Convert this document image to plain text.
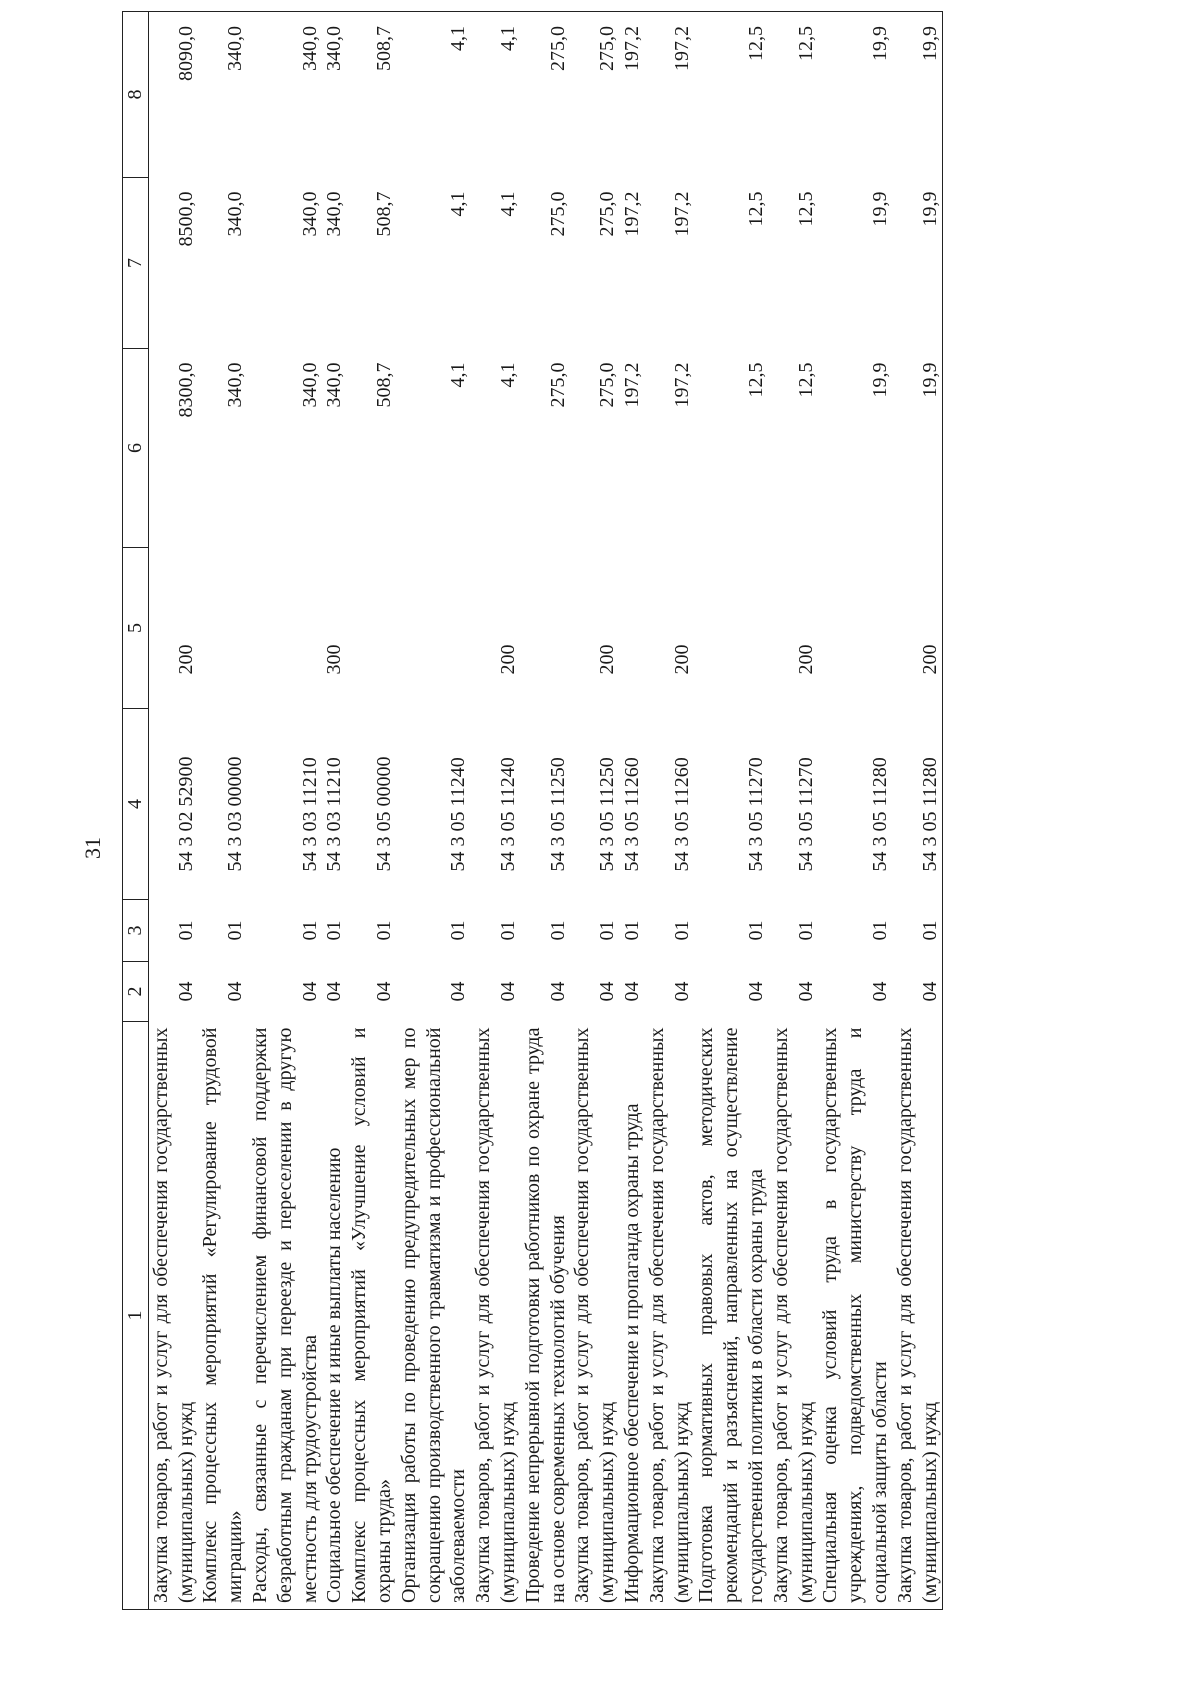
31
1	2	3	4	5	6	7	8
Закупка товаров, работ и услуг для обеспечения государственных (муниципальных) нужд	04	01	54 3 02 52900	200	8300,0	8500,0	8090,0
Комплекс процессных мероприятий «Регулирование трудовой миграции»	04	01	54 3 03 00000		340,0	340,0	340,0
Расходы, связанные с перечислением финансовой поддержки безработным гражданам при переезде и переселении в другую местность для трудоустройства	04	01	54 3 03 11210		340,0	340,0	340,0
Социальное обеспечение и иные выплаты населению	04	01	54 3 03 11210	300	340,0	340,0	340,0
Комплекс процессных мероприятий «Улучшение условий и охраны труда»	04	01	54 3 05 00000		508,7	508,7	508,7
Организация работы по проведению предупредительных мер по сокращению производственного травматизма и профессиональной заболеваемости	04	01	54 3 05 11240		4,1	4,1	4,1
Закупка товаров, работ и услуг для обеспечения государственных (муниципальных) нужд	04	01	54 3 05 11240	200	4,1	4,1	4,1
Проведение непрерывной подготовки работников по охране труда на основе современных технологий обучения	04	01	54 3 05 11250		275,0	275,0	275,0
Закупка товаров, работ и услуг для обеспечения государственных (муниципальных) нужд	04	01	54 3 05 11250	200	275,0	275,0	275,0
Информационное обеспечение и пропаганда охраны труда	04	01	54 3 05 11260		197,2	197,2	197,2
Закупка товаров, работ и услуг для обеспечения государственных (муниципальных) нужд	04	01	54 3 05 11260	200	197,2	197,2	197,2
Подготовка нормативных правовых актов, методических рекомендаций и разъяснений, направленных на осуществление государственной политики в области охраны труда	04	01	54 3 05 11270		12,5	12,5	12,5
Закупка товаров, работ и услуг для обеспечения государственных (муниципальных) нужд	04	01	54 3 05 11270	200	12,5	12,5	12,5
Специальная оценка условий труда в государственных учреждениях, подведомственных министерству труда и социальной защиты области	04	01	54 3 05 11280		19,9	19,9	19,9
Закупка товаров, работ и услуг для обеспечения государственных (муниципальных) нужд	04	01	54 3 05 11280	200	19,9	19,9	19,9
